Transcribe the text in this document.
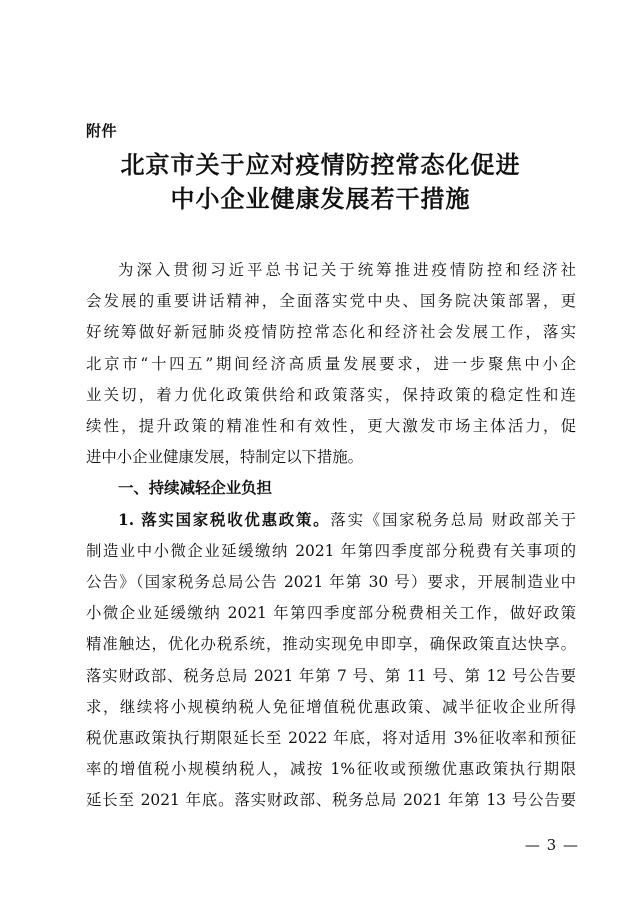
附件
北京市关于应对疫情防控常态化促进
中小企业健康发展若干措施
为深入贯彻习近平总书记关于统筹推进疫情防控和经济社
会发展的重要讲话精神，全面落实党中央、国务院决策部署，更
好统筹做好新冠肺炎疫情防控常态化和经济社会发展工作，落实
北京市“十四五”期间经济高质量发展要求，进一步聚焦中小企
业关切，着力优化政策供给和政策落实，保持政策的稳定性和连
续性，提升政策的精准性和有效性，更大激发市场主体活力，促
进中小企业健康发展，特制定以下措施。
一、持续减轻企业负担
1. 落实国家税收优惠政策。落实《国家税务总局 财政部关于
制造业中小微企业延缓缴纳 2021 年第四季度部分税费有关事项的
公告》（国家税务总局公告 2021 年第 30 号）要求，开展制造业中
小微企业延缓缴纳 2021 年第四季度部分税费相关工作，做好政策
精准触达，优化办税系统，推动实现免申即享，确保政策直达快享。
落实财政部、税务总局 2021 年第 7 号、第 11 号、第 12 号公告要
求，继续将小规模纳税人免征增值税优惠政策、减半征收企业所得
税优惠政策执行期限延长至 2022 年底，将对适用 3%征收率和预征
率的增值税小规模纳税人，减按 1%征收或预缴优惠政策执行期限
延长至 2021 年底。落实财政部、税务总局 2021 年第 13 号公告要
— 3 —
